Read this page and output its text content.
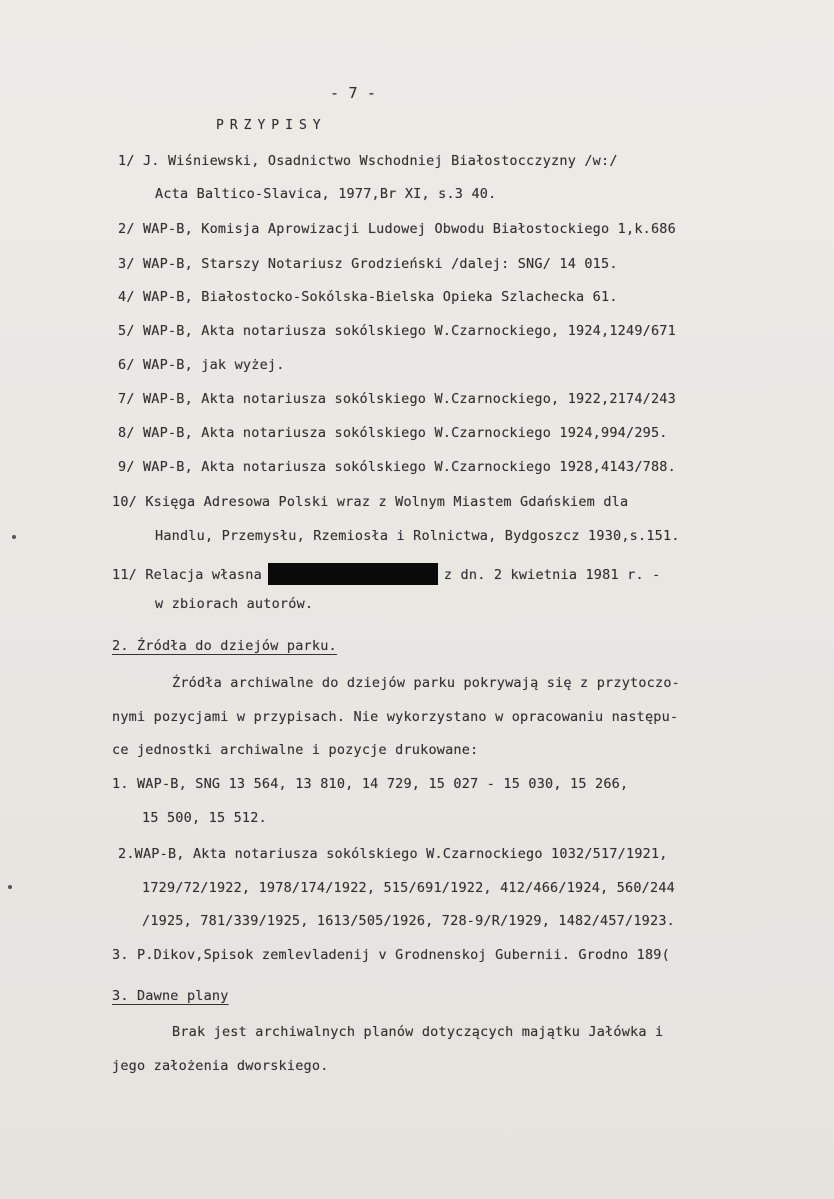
- 7 -
PRZYPISY
1/ J. Wiśniewski, Osadnictwo Wschodniej Białostocczyzny /w:/
Acta Baltico-Slavica, 1977,Br XI, s.3 40.
2/ WAP-B, Komisja Aprowizacji Ludowej Obwodu Białostockiego 1,k.686
3/ WAP-B, Starszy Notariusz Grodzieński /dalej: SNG/ 14 015.
4/ WAP-B, Białostocko-Sokólska-Bielska Opieka Szlachecka 61.
5/ WAP-B, Akta notariusza sokólskiego W.Czarnockiego, 1924,1249/671
6/ WAP-B, jak wyżej.
7/ WAP-B, Akta notariusza sokólskiego W.Czarnockiego, 1922,2174/243
8/ WAP-B, Akta notariusza sokólskiego W.Czarnockiego 1924,994/295.
9/ WAP-B, Akta notariusza sokólskiego W.Czarnockiego 1928,4143/788.
10/ Księga Adresowa Polski wraz z Wolnym Miastem Gdańskiem dla
Handlu, Przemysłu, Rzemiosła i Rolnictwa, Bydgoszcz 1930,s.151.
11/ Relacja własna	z dn. 2 kwietnia 1981 r. -
w zbiorach autorów.
2. Źródła do dziejów parku.
Źródła archiwalne do dziejów parku pokrywają się z przytoczo-
nymi pozycjami w przypisach. Nie wykorzystano w opracowaniu następu-
ce jednostki archiwalne i pozycje drukowane:
1. WAP-B, SNG 13 564, 13 810, 14 729, 15 027 - 15 030, 15 266,
15 500, 15 512.
2.WAP-B, Akta notariusza sokólskiego W.Czarnockiego 1032/517/1921,
1729/72/1922, 1978/174/1922, 515/691/1922, 412/466/1924, 560/244
/1925, 781/339/1925, 1613/505/1926, 728-9/R/1929, 1482/457/1923.
3. P.Dikov,Spisok zemlevladenij v Grodnenskoj Gubernii. Grodno 189(
3. Dawne plany
Brak jest archiwalnych planów dotyczących majątku Jałówka i
jego założenia dworskiego.
